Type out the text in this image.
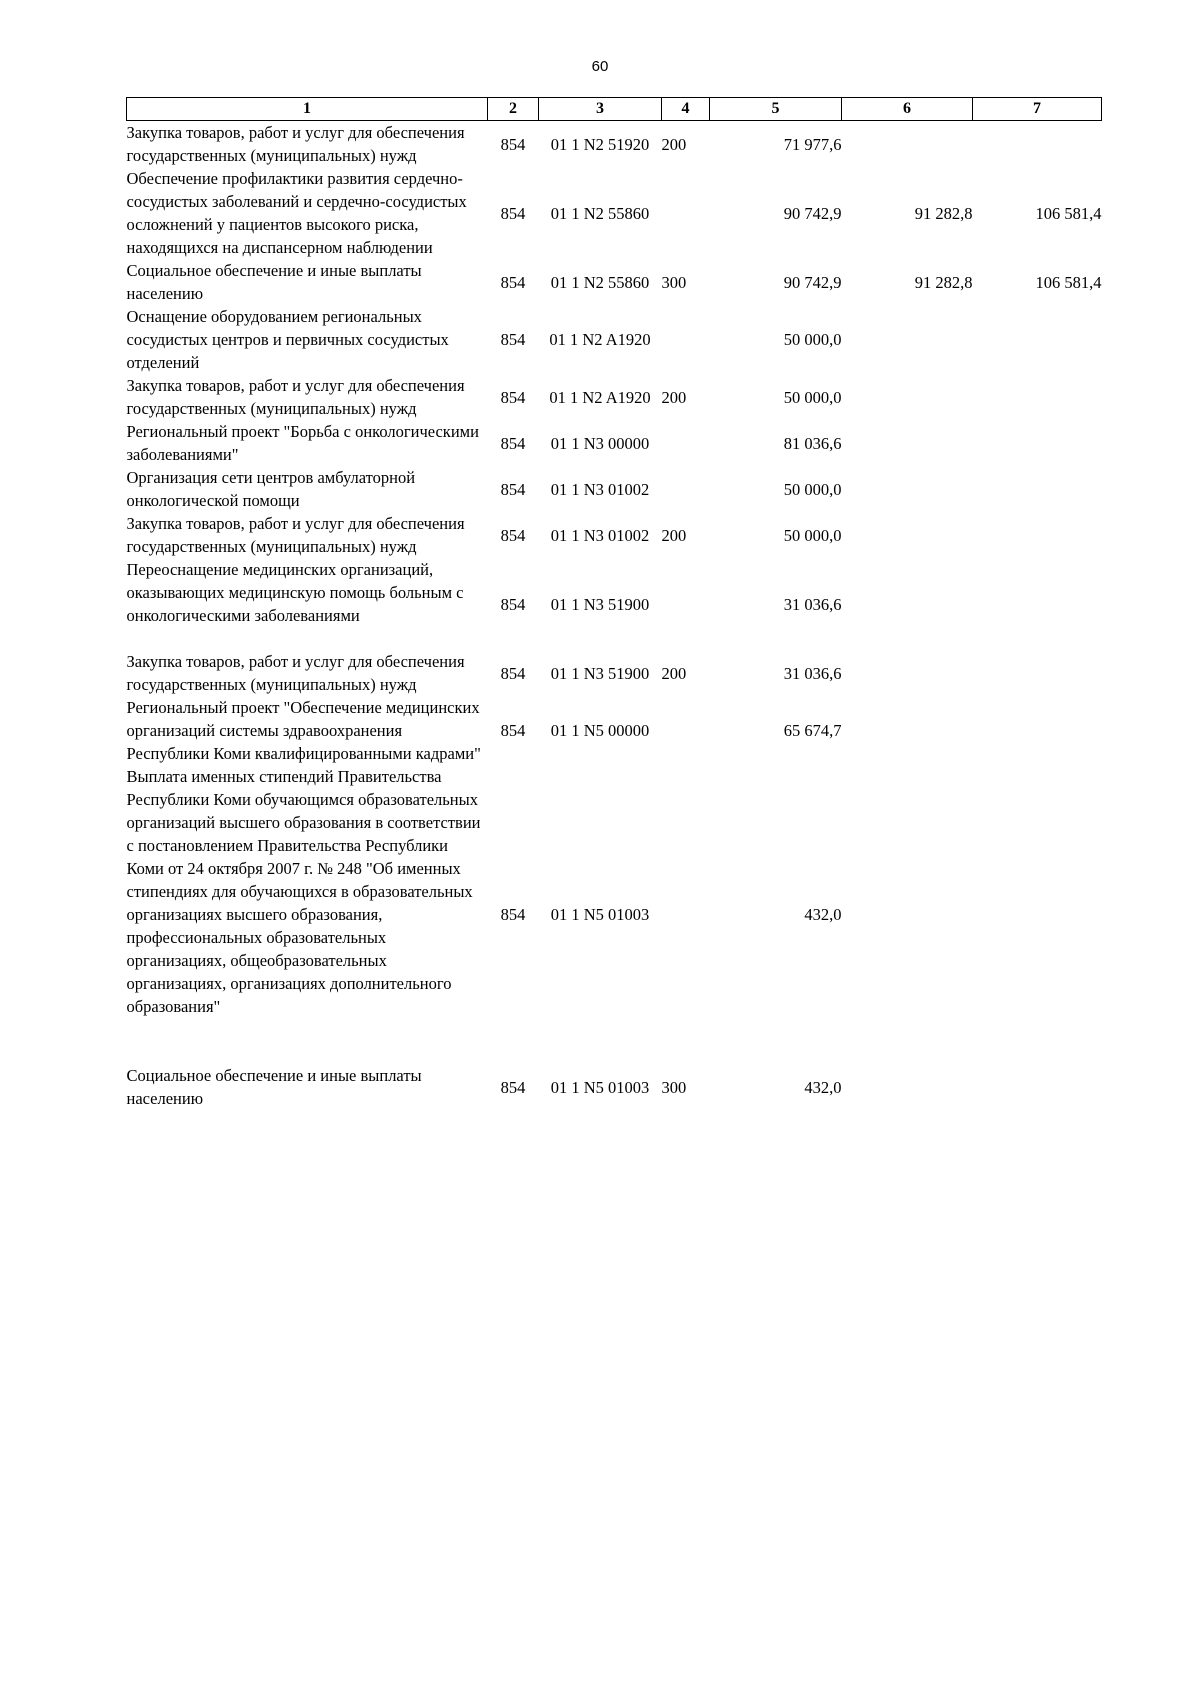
60
1	2	3	4	5	6	7
Закупка товаров, работ и услуг для обеспечения государственных (муниципальных) нужд	854	01 1 N2 51920	200	71 977,6		
Обеспечение профилактики развития сердечно-сосудистых заболеваний и сердечно-сосудистых осложнений у пациентов высокого риска, находящихся на диспансерном наблюдении	854	01 1 N2 55860		90 742,9	91 282,8	106 581,4
Социальное обеспечение и иные выплаты населению	854	01 1 N2 55860	300	90 742,9	91 282,8	106 581,4
Оснащение оборудованием региональных сосудистых центров и первичных сосудистых отделений	854	01 1 N2 A1920		50 000,0		
Закупка товаров, работ и услуг для обеспечения государственных (муниципальных) нужд	854	01 1 N2 A1920	200	50 000,0		
Региональный проект "Борьба с онкологическими заболеваниями"	854	01 1 N3 00000		81 036,6		
Организация сети центров амбулаторной онкологической помощи	854	01 1 N3 01002		50 000,0		
Закупка товаров, работ и услуг для обеспечения государственных (муниципальных) нужд	854	01 1 N3 01002	200	50 000,0		
Переоснащение медицинских организаций, оказывающих медицинскую помощь больным с онкологическими заболеваниями	854	01 1 N3 51900		31 036,6		
Закупка товаров, работ и услуг для обеспечения государственных (муниципальных) нужд	854	01 1 N3 51900	200	31 036,6		
Региональный проект "Обеспечение медицинских организаций системы здравоохранения Республики Коми квалифицированными кадрами"	854	01 1 N5 00000		65 674,7		
Выплата именных стипендий Правительства Республики Коми обучающимся образовательных организаций высшего образования в соответствии с постановлением Правительства Республики Коми от 24 октября 2007 г. № 248 "Об именных стипендиях для обучающихся в образовательных организациях высшего образования, профессиональных образовательных организациях, общеобразовательных организациях, организациях дополнительного образования"	854	01 1 N5 01003		432,0		
Социальное обеспечение и иные выплаты населению	854	01 1 N5 01003	300	432,0		
